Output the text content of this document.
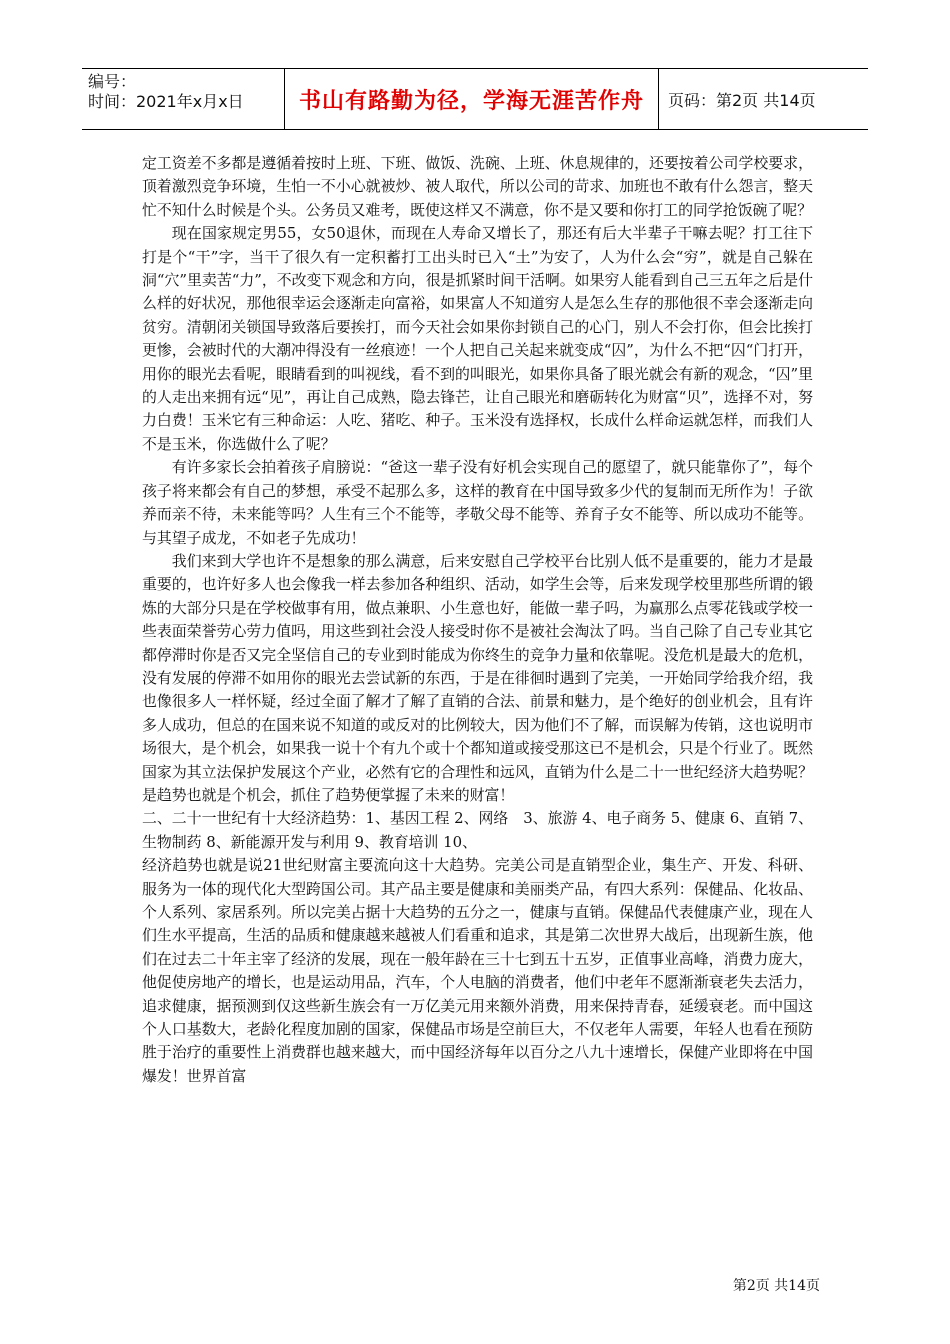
编号：
时间：2021年x月x日	书山有路勤为径，学海无涯苦作舟	页码：第2页 共14页

定工资差不多都是遵循着按时上班、下班、做饭、洗碗、上班、休息规律的，还要按着公司学校要求，顶着激烈竞争环境，生怕一不小心就被炒、被人取代，所以公司的苛求、加班也不敢有什么怨言，整天忙不知什么时候是个头。公务员又难考，既使这样又不满意，你不是又要和你打工的同学抢饭碗了呢？

现在国家规定男55，女50退休，而现在人寿命又增长了，那还有后大半辈子干嘛去呢？打工往下打是个“干”字，当干了很久有一定积蓄打工出头时已入“土”为安了，人为什么会“穷”，就是自己躲在洞“穴”里卖苦“力”，不改变下观念和方向，很是抓紧时间干活啊。如果穷人能看到自己三五年之后是什么样的好状况，那他很幸运会逐渐走向富裕，如果富人不知道穷人是怎么生存的那他很不幸会逐渐走向贫穷。清朝闭关锁国导致落后要挨打，而今天社会如果你封锁自己的心门，别人不会打你，但会比挨打更惨，会被时代的大潮冲得没有一丝痕迹！一个人把自己关起来就变成“囚”，为什么不把“囚“门打开，用你的眼光去看呢，眼睛看到的叫视线，看不到的叫眼光，如果你具备了眼光就会有新的观念，“囚”里的人走出来拥有远“见”，再让自己成熟，隐去锋芒，让自己眼光和磨砺转化为财富“贝”，选择不对，努力白费！玉米它有三种命运：人吃、猪吃、种子。玉米没有选择权，长成什么样命运就怎样，而我们人不是玉米，你选做什么了呢？

有许多家长会拍着孩子肩膀说：“爸这一辈子没有好机会实现自己的愿望了，就只能靠你了”，每个孩子将来都会有自己的梦想，承受不起那么多，这样的教育在中国导致多少代的复制而无所作为！子欲养而亲不待，未来能等吗？人生有三个不能等，孝敬父母不能等、养育子女不能等、所以成功不能等。与其望子成龙，不如老子先成功！

我们来到大学也许不是想象的那么满意，后来安慰自己学校平台比别人低不是重要的，能力才是最重要的，也许好多人也会像我一样去参加各种组织、活动，如学生会等，后来发现学校里那些所谓的锻炼的大部分只是在学校做事有用，做点兼职、小生意也好，能做一辈子吗，为赢那么点零花钱或学校一些表面荣誉劳心劳力值吗，用这些到社会没人接受时你不是被社会淘汰了吗。当自己除了自己专业其它都停滞时你是否又完全坚信自己的专业到时能成为你终生的竞争力量和依靠呢。没危机是最大的危机，没有发展的停滞不如用你的眼光去尝试新的东西，于是在徘徊时遇到了完美，一开始同学给我介绍，我也像很多人一样怀疑，经过全面了解才了解了直销的合法、前景和魅力，是个绝好的创业机会，且有许多人成功，但总的在国来说不知道的或反对的比例较大，因为他们不了解，而误解为传销，这也说明市场很大，是个机会，如果我一说十个有九个或十个都知道或接受那这已不是机会，只是个行业了。既然国家为其立法保护发展这个产业，必然有它的合理性和远风，直销为什么是二十一世纪经济大趋势呢？是趋势也就是个机会，抓住了趋势便掌握了未来的财富！

二、二十一世纪有十大经济趋势：1、基因工程 2、网络　3、旅游 4、电子商务 5、健康 6、直销 7、生物制药 8、新能源开发与利用 9、教育培训 10、

经济趋势也就是说21世纪财富主要流向这十大趋势。完美公司是直销型企业，集生产、开发、科研、服务为一体的现代化大型跨国公司。其产品主要是健康和美丽类产品，有四大系列：保健品、化妆品、个人系列、家居系列。所以完美占据十大趋势的五分之一，健康与直销。保健品代表健康产业，现在人们生水平提高，生活的品质和健康越来越被人们看重和追求，其是第二次世界大战后，出现新生族，他们在过去二十年主宰了经济的发展，现在一般年龄在三十七到五十五岁，正值事业高峰，消费力庞大，他促使房地产的增长，也是运动用品，汽车，个人电脑的消费者，他们中老年不愿渐渐衰老失去活力，追求健康，据预测到仅这些新生族会有一万亿美元用来额外消费，用来保持青春，延缓衰老。而中国这个人口基数大，老龄化程度加剧的国家，保健品市场是空前巨大，不仅老年人需要，年轻人也看在预防胜于治疗的重要性上消费群也越来越大，而中国经济每年以百分之八九十速增长，保健产业即将在中国爆发！世界首富

第2页 共14页
